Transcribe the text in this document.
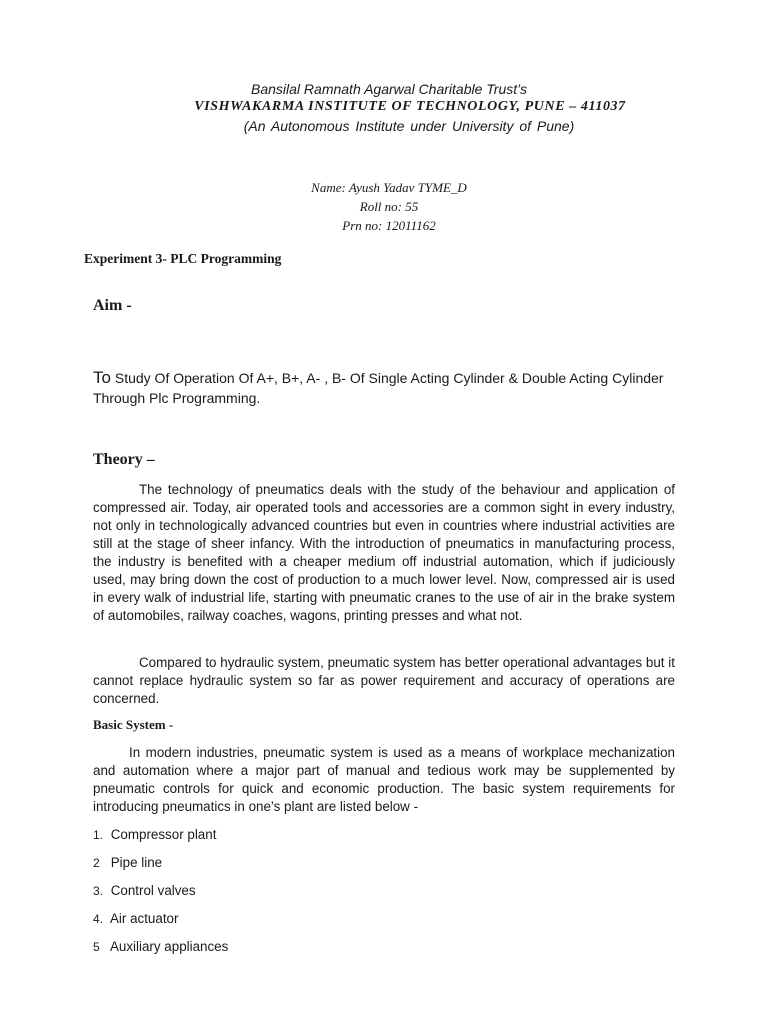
Bansilal Ramnath Agarwal Charitable Trust’s
VISHWAKARMA INSTITUTE OF TECHNOLOGY, PUNE – 411037
(An Autonomous Institute under University of Pune)
Name: Ayush Yadav TYME_D
Roll no: 55
Prn no: 12011162
Experiment 3- PLC Programming
Aim -
To Study Of Operation Of A+, B+, A- , B- Of Single Acting Cylinder & Double Acting Cylinder Through Plc Programming.
Theory –

The technology of pneumatics deals with the study of the behaviour and application of compressed air. Today, air operated tools and accessories are a common sight in every industry, not only in technologically advanced countries but even in countries where industrial activities are still at the stage of sheer infancy. With the introduction of pneumatics in manufacturing process, the industry is benefited with a cheaper medium off industrial automation, which if judiciously used, may bring down the cost of production to a much lower level. Now, compressed air is used in every walk of industrial life, starting with pneumatic cranes to the use of air in the brake system of automobiles, railway coaches, wagons, printing presses and what not.

Compared to hydraulic system, pneumatic system has better operational advantages but it cannot replace hydraulic system so far as power requirement and accuracy of operations are concerned.

Basic System -

In modern industries, pneumatic system is used as a means of workplace mechanization and automation where a major part of manual and tedious work may be supplemented by pneumatic controls for quick and economic production. The basic system requirements for introducing pneumatics in one’s plant are listed below -

1. Compressor plant
2 Pipe line
3. Control valves
4. Air actuator
5 Auxiliary appliances
